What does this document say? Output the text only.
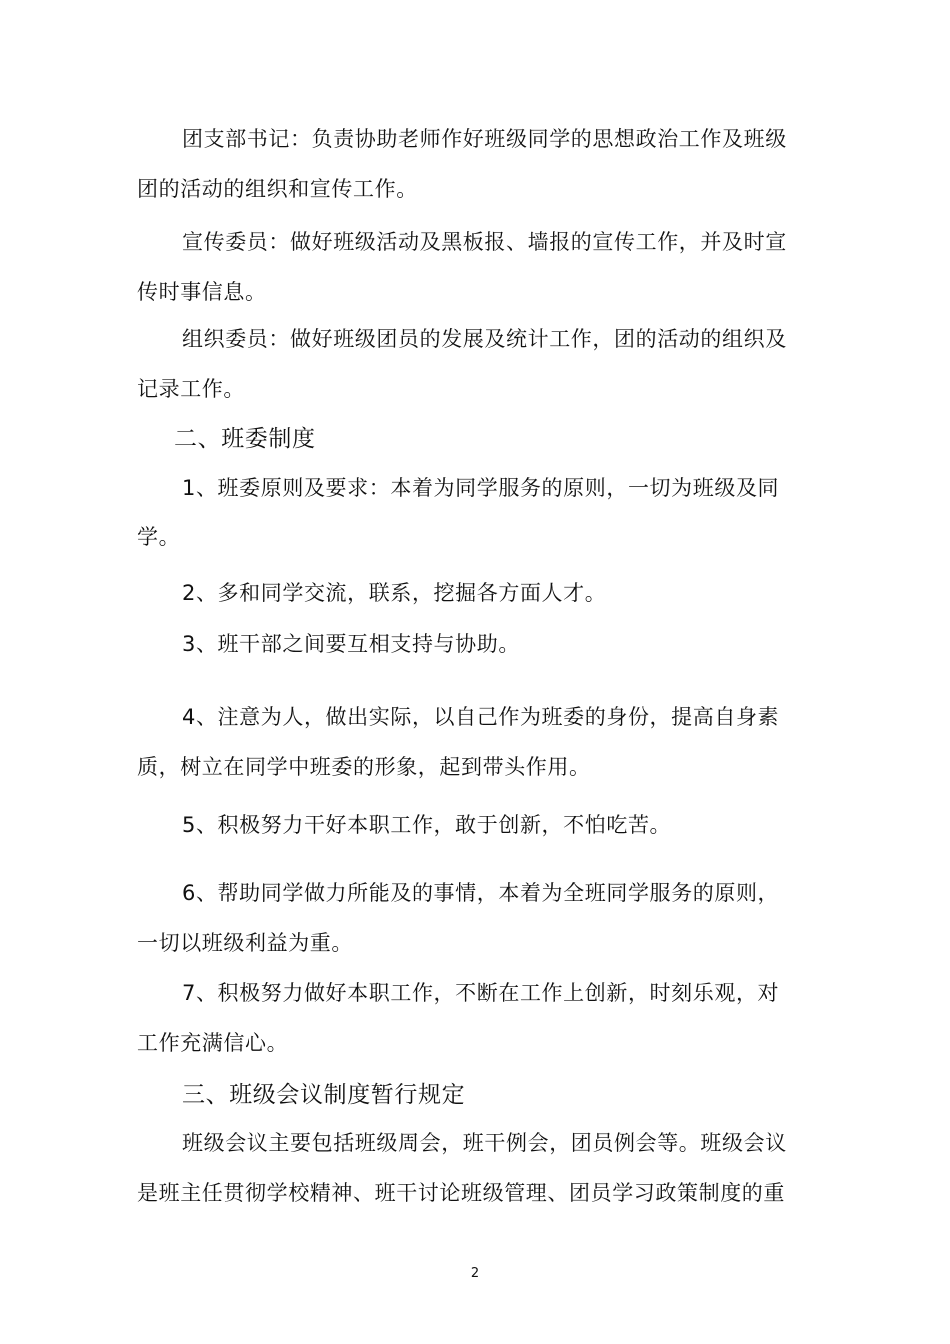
团支部书记：负责协助老师作好班级同学的思想政治工作及班级
团的活动的组织和宣传工作。
宣传委员：做好班级活动及黑板报、墙报的宣传工作，并及时宣
传时事信息。
组织委员：做好班级团员的发展及统计工作，团的活动的组织及
记录工作。
二、班委制度
1、班委原则及要求：本着为同学服务的原则，一切为班级及同
学。
2、多和同学交流，联系，挖掘各方面人才。
3、班干部之间要互相支持与协助。
4、注意为人，做出实际，以自己作为班委的身份，提高自身素
质，树立在同学中班委的形象，起到带头作用。
5、积极努力干好本职工作，敢于创新，不怕吃苦。
6、帮助同学做力所能及的事情，本着为全班同学服务的原则，
一切以班级利益为重。
7、积极努力做好本职工作，不断在工作上创新，时刻乐观，对
工作充满信心。
三、班级会议制度暂行规定
班级会议主要包括班级周会，班干例会，团员例会等。班级会议
是班主任贯彻学校精神、班干讨论班级管理、团员学习政策制度的重
2
